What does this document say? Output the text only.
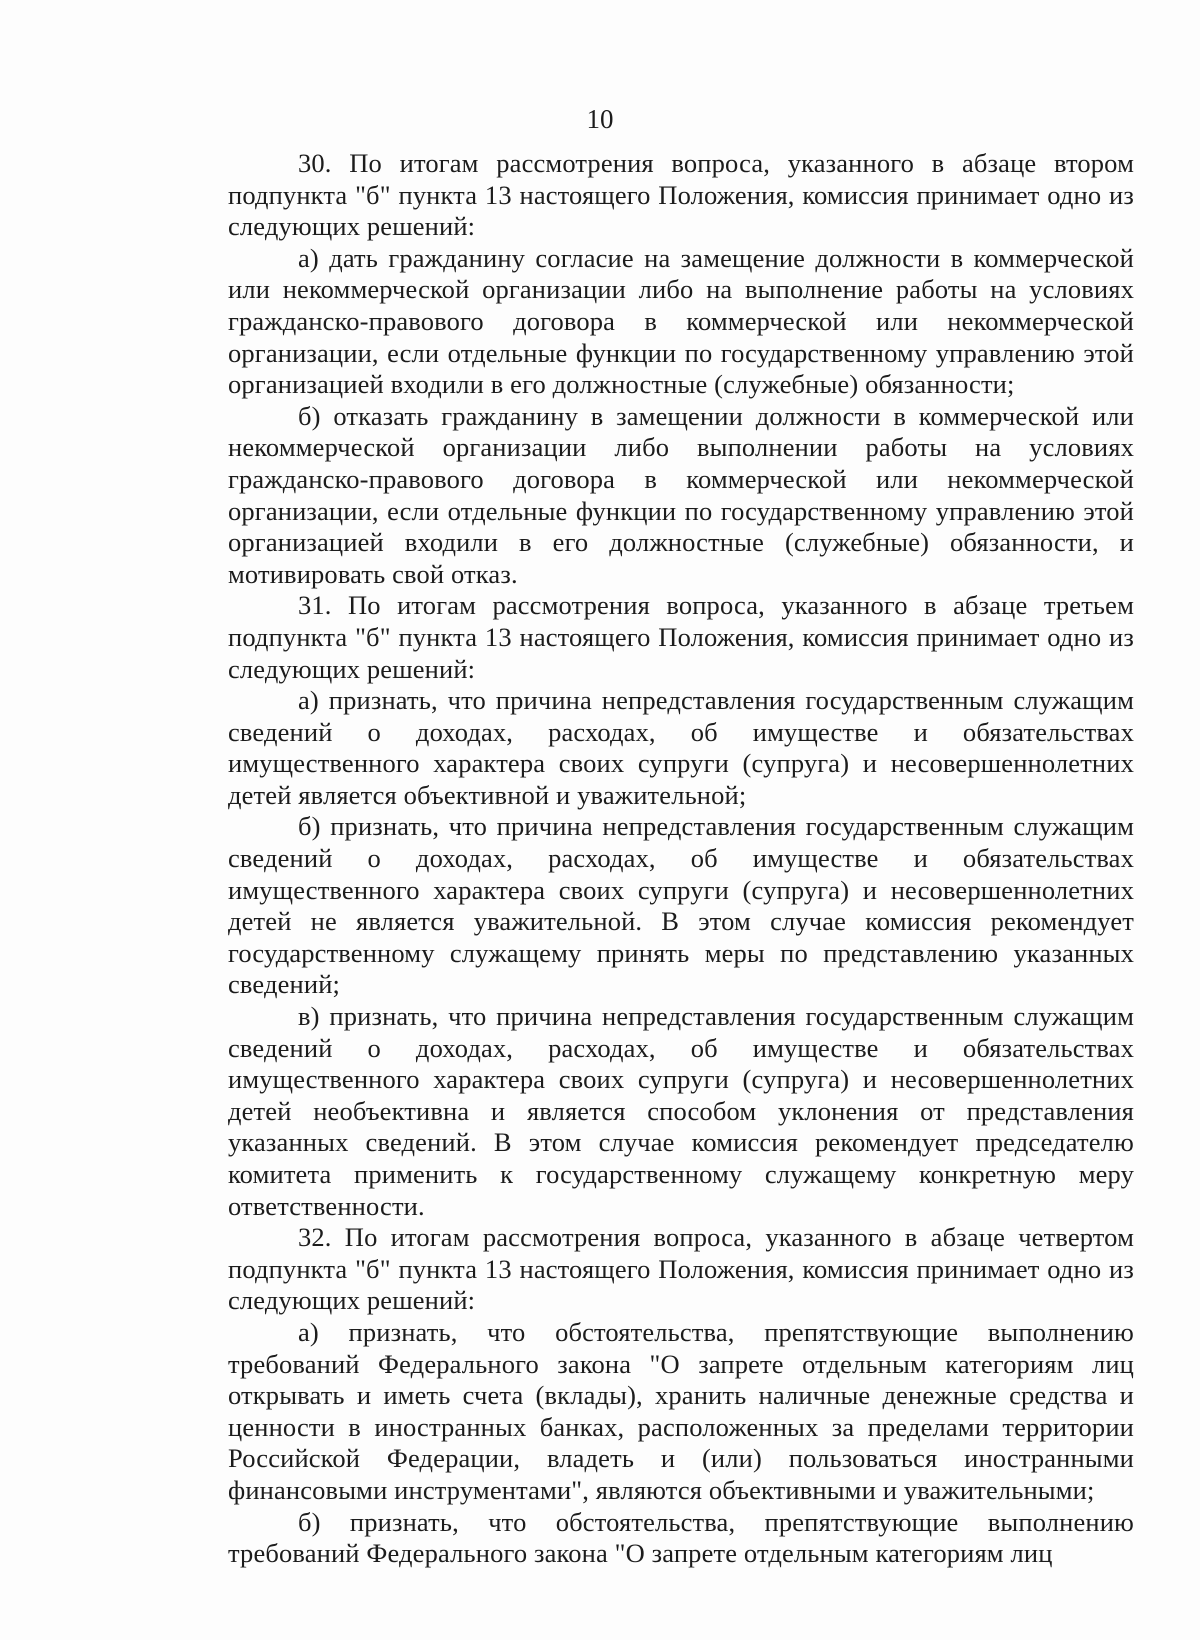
10

30. По итогам рассмотрения вопроса, указанного в абзаце втором подпункта "б" пункта 13 настоящего Положения, комиссия принимает одно из следующих решений:

а) дать гражданину согласие на замещение должности в коммерческой или некоммерческой организации либо на выполнение работы на условиях гражданско-правового договора в коммерческой или некоммерческой организации, если отдельные функции по государственному управлению этой организацией входили в его должностные (служебные) обязанности;

б) отказать гражданину в замещении должности в коммерческой или некоммерческой организации либо выполнении работы на условиях гражданско-правового договора в коммерческой или некоммерческой организации, если отдельные функции по государственному управлению этой организацией входили в его должностные (служебные) обязанности, и мотивировать свой отказ.

31. По итогам рассмотрения вопроса, указанного в абзаце третьем подпункта "б" пункта 13 настоящего Положения, комиссия принимает одно из следующих решений:

а) признать, что причина непредставления государственным служащим сведений о доходах, расходах, об имуществе и обязательствах имущественного характера своих супруги (супруга) и несовершеннолетних детей является объективной и уважительной;

б) признать, что причина непредставления государственным служащим сведений о доходах, расходах, об имуществе и обязательствах имущественного характера своих супруги (супруга) и несовершеннолетних детей не является уважительной. В этом случае комиссия рекомендует государственному служащему принять меры по представлению указанных сведений;

в) признать, что причина непредставления государственным служащим сведений о доходах, расходах, об имуществе и обязательствах имущественного характера своих супруги (супруга) и несовершеннолетних детей необъективна и является способом уклонения от представления указанных сведений. В этом случае комиссия рекомендует председателю комитета применить к государственному служащему конкретную меру ответственности.

32. По итогам рассмотрения вопроса, указанного в абзаце четвертом подпункта "б" пункта 13 настоящего Положения, комиссия принимает одно из следующих решений:

а) признать, что обстоятельства, препятствующие выполнению требований Федерального закона "О запрете отдельным категориям лиц открывать и иметь счета (вклады), хранить наличные денежные средства и ценности в иностранных банках, расположенных за пределами территории Российской Федерации, владеть и (или) пользоваться иностранными финансовыми инструментами", являются объективными и уважительными;

б) признать, что обстоятельства, препятствующие выполнению требований Федерального закона "О запрете отдельным категориям лиц
